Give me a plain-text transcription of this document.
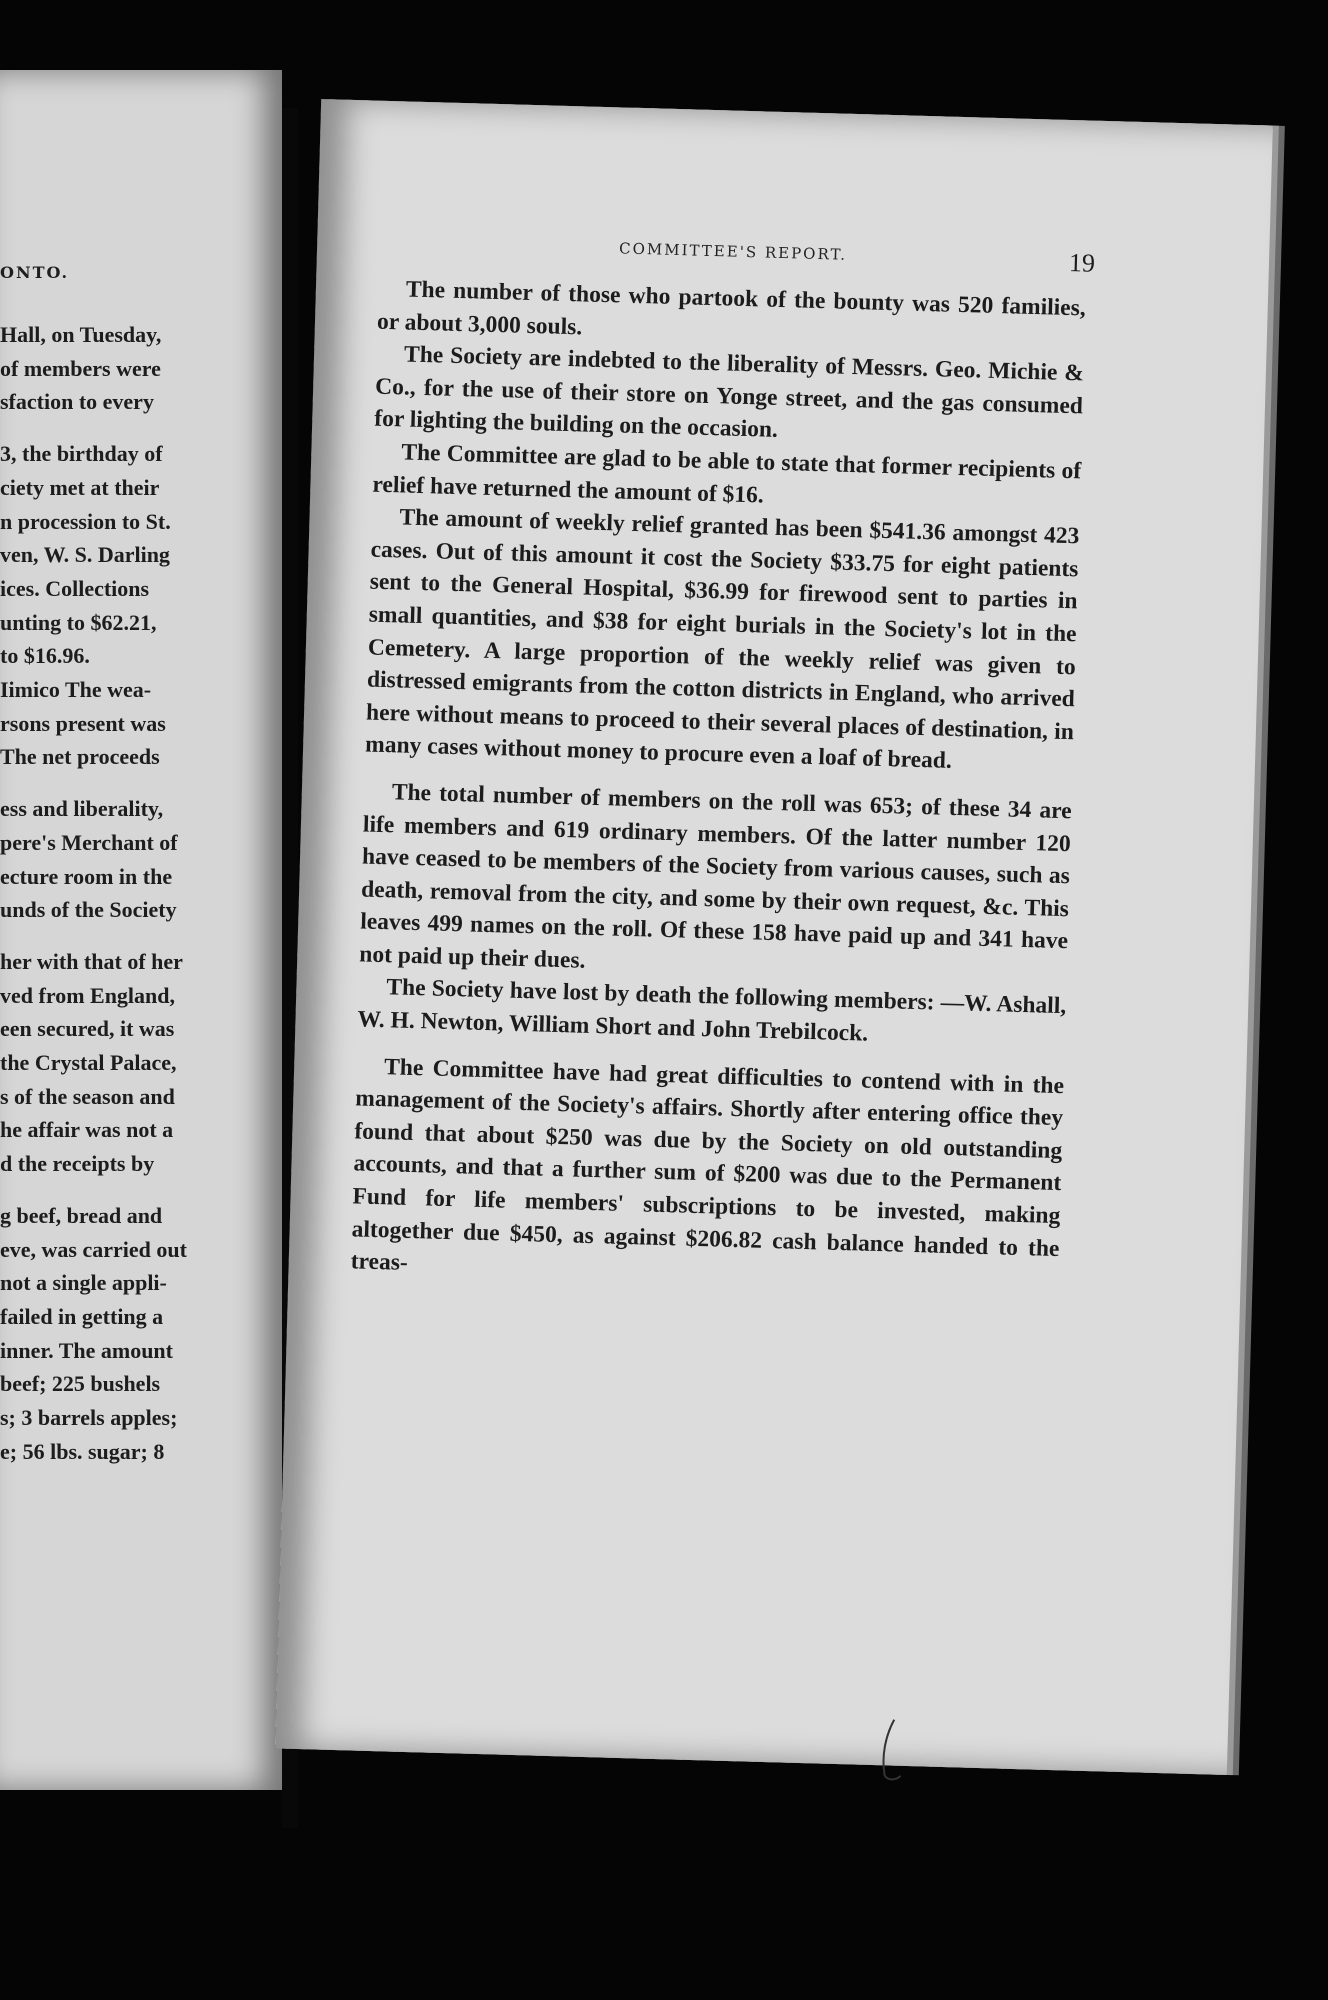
ONTO.
Hall, on Tuesday,
of members were
sfaction to every
3, the birthday of
ciety met at their
n procession to St.
ven, W. S. Darling
ices. Collections
unting to $62.21,
to $16.96.
Iimico The wea-
rsons present was
The net proceeds
ess and liberality,
pere's Merchant of
ecture room in the
unds of the Society
her with that of her
ved from England,
een secured, it was
the Crystal Palace,
s of the season and
he affair was not a
d the receipts by
g beef, bread and
eve, was carried out
not a single appli-
failed in getting a
inner. The amount
beef; 225 bushels
s; 3 barrels apples;
e; 56 lbs. sugar; 8
COMMITTEE'S REPORT.	19

The number of those who partook of the bounty was 520 families, or about 3,000 souls.

The Society are indebted to the liberality of Messrs. Geo. Michie & Co., for the use of their store on Yonge street, and the gas consumed for lighting the building on the occasion.

The Committee are glad to be able to state that former recipients of relief have returned the amount of $16.

The amount of weekly relief granted has been $541.36 amongst 423 cases. Out of this amount it cost the Society $33.75 for eight patients sent to the General Hospital, $36.99 for firewood sent to parties in small quantities, and $38 for eight burials in the Society's lot in the Cemetery. A large proportion of the weekly relief was given to distressed emigrants from the cotton districts in England, who arrived here without means to proceed to their several places of destination, in many cases without money to procure even a loaf of bread.

The total number of members on the roll was 653; of these 34 are life members and 619 ordinary members. Of the latter number 120 have ceased to be members of the Society from various causes, such as death, removal from the city, and some by their own request, &c. This leaves 499 names on the roll. Of these 158 have paid up and 341 have not paid up their dues.

The Society have lost by death the following members: —W. Ashall, W. H. Newton, William Short and John Trebilcock.

The Committee have had great difficulties to contend with in the management of the Society's affairs. Shortly after entering office they found that about $250 was due by the Society on old outstanding accounts, and that a further sum of $200 was due to the Permanent Fund for life members' subscriptions to be invested, making altogether due $450, as against $206.82 cash balance handed to the treas-
